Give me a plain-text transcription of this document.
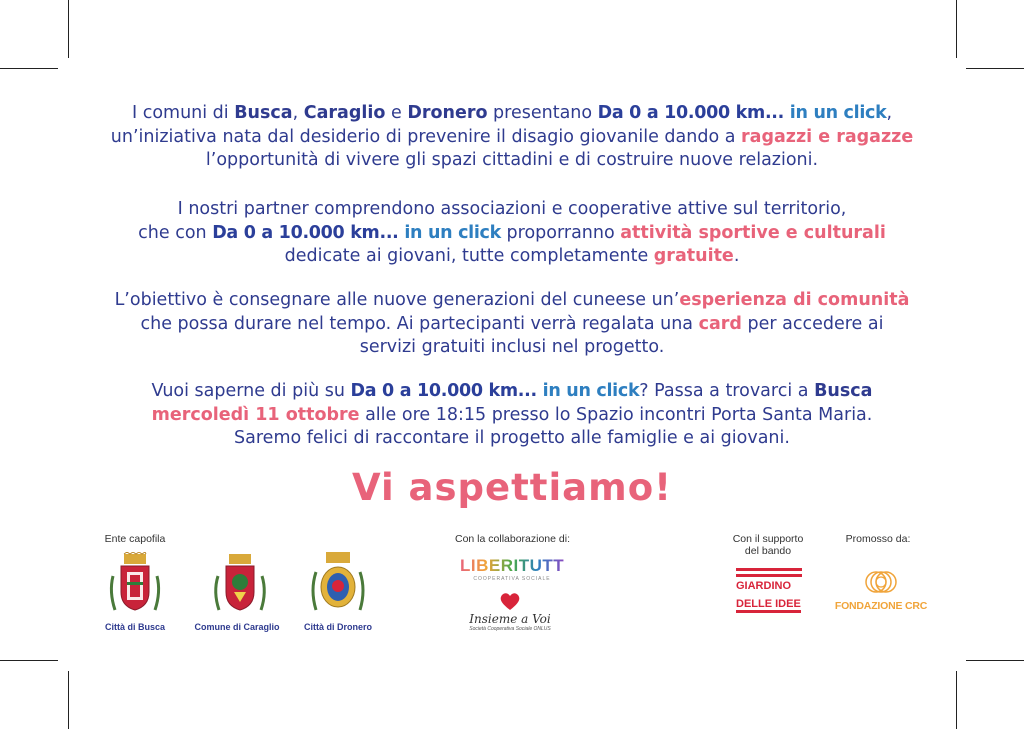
I comuni di Busca, Caraglio e Dronero presentano Da 0 a 10.000 km... in un click,
un’iniziativa nata dal desiderio di prevenire il disagio giovanile dando a ragazzi e ragazze
l’opportunità di vivere gli spazi cittadini e di costruire nuove relazioni.
I nostri partner comprendono associazioni e cooperative attive sul territorio,
che con Da 0 a 10.000 km... in un click proporranno attività sportive e culturali
dedicate ai giovani, tutte completamente gratuite.
L’obiettivo è consegnare alle nuove generazioni del cuneese un’esperienza di comunità
che possa durare nel tempo. Ai partecipanti verrà regalata una card per accedere ai
servizi gratuiti inclusi nel progetto.
Vuoi saperne di più su Da 0 a 10.000 km... in un click? Passa a trovarci a Busca
mercoledì 11 ottobre alle ore 18:15 presso lo Spazio incontri Porta Santa Maria.
Saremo felici di raccontare il progetto alle famiglie e ai giovani.
Vi aspettiamo!
Ente capofila	Con la collaborazione di:	Con il supporto
del bando
Promosso da:
Città di Busca	Comune di Caraglio	Città di Dronero
LIBERITUTTI
COOPERATIVA SOCIALE
Insieme a Voi
Società Cooperativa Sociale ONLUS
GIARDINO
DELLE IDEE	FONDAZIONE CRC
